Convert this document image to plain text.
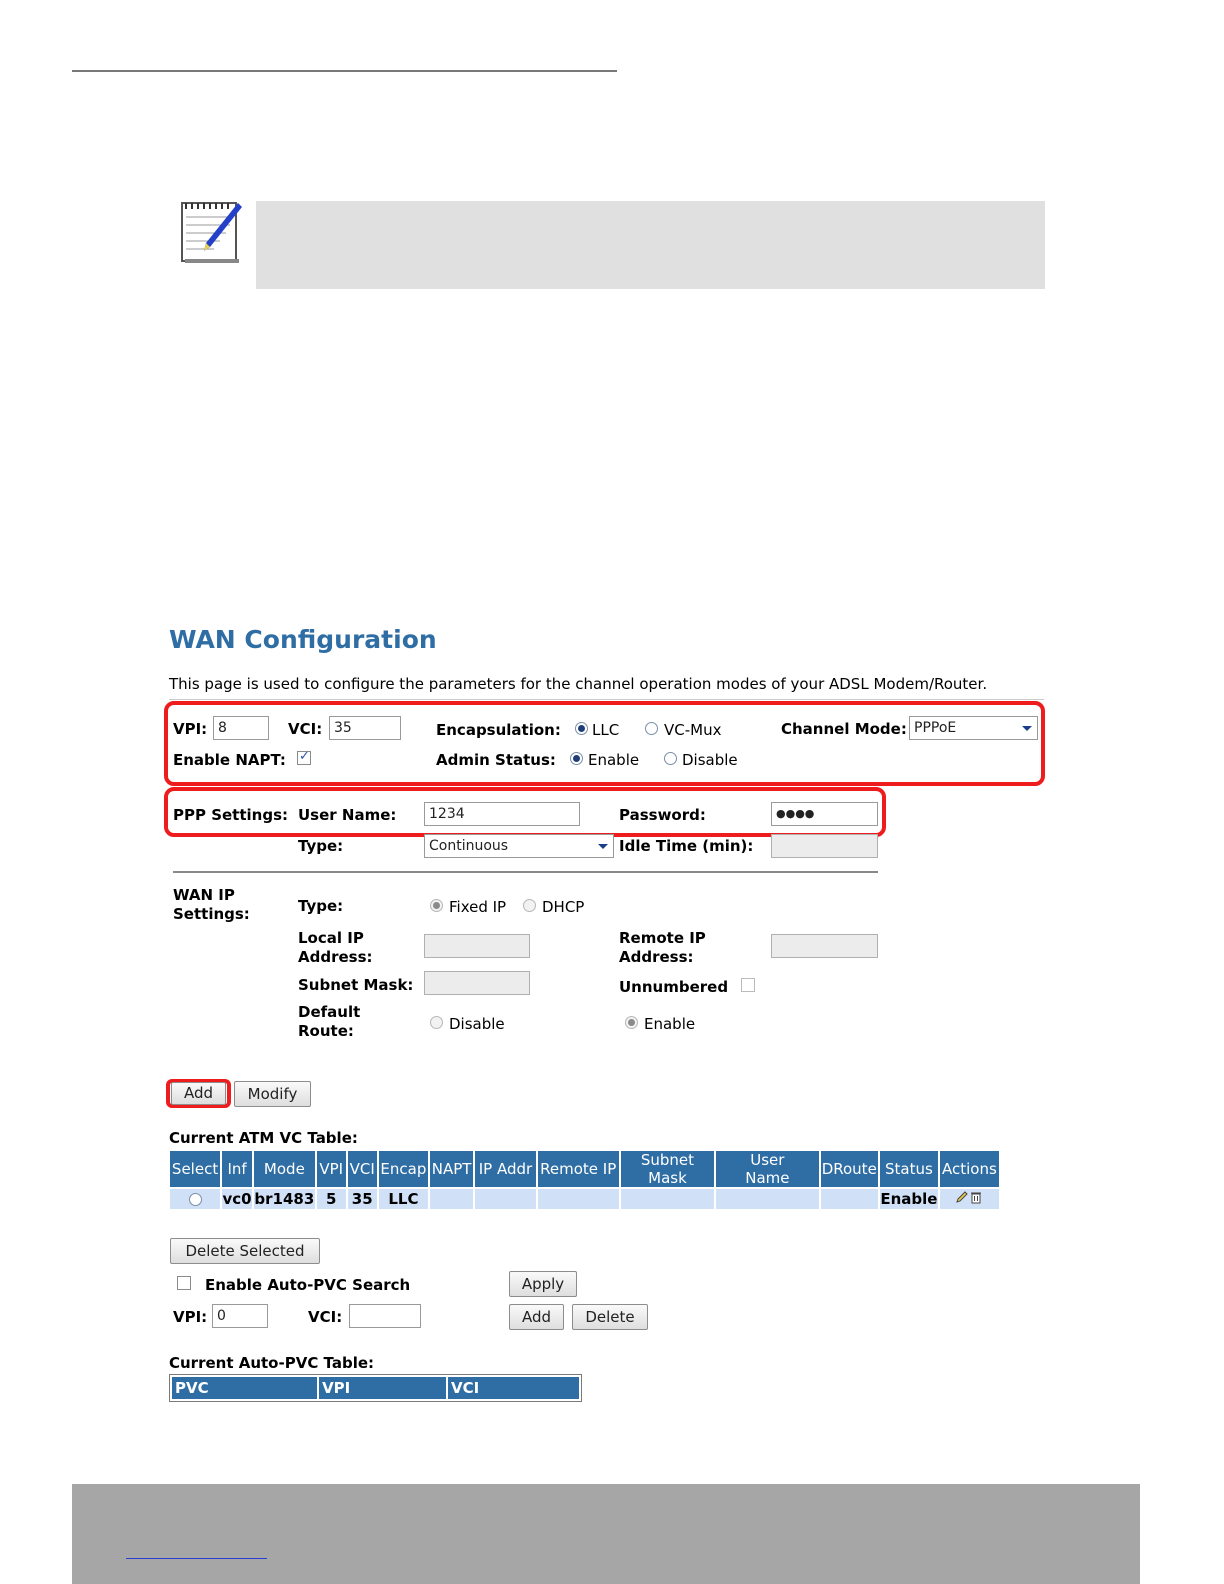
WAN Configuration
This page is used to configure the parameters for the channel operation modes of your ADSL Modem/Router.
VPI: 8	VCI: 35	Encapsulation: LLC	VC-Mux	Channel Mode: PPPoE
Enable NAPT: ✓	Admin Status: Enable	Disable
PPP Settings: User Name:	1234	Password:	●●●●
Type:	Continuous	Idle Time (min):
WAN IP
Settings:	Type:	Fixed IP DHCP
Local IP
Address:
Remote IP
Address:
Subnet Mask:	Unnumbered
Default
Route:	Disable	Enable
Add	Modify
Current ATM VC Table:
Select	Inf	Mode	VPI	VCI	Encap	NAPT	IP Addr	Remote IP	Subnet Mask	User Name	DRoute	Status	Actions
	vc0	br1483	5	35	LLC							Enable	
Delete Selected
Enable Auto-PVC Search	Apply
VPI: 0	VCI:	Add	Delete
Current Auto-PVC Table:
PVC	VPI	VCI
